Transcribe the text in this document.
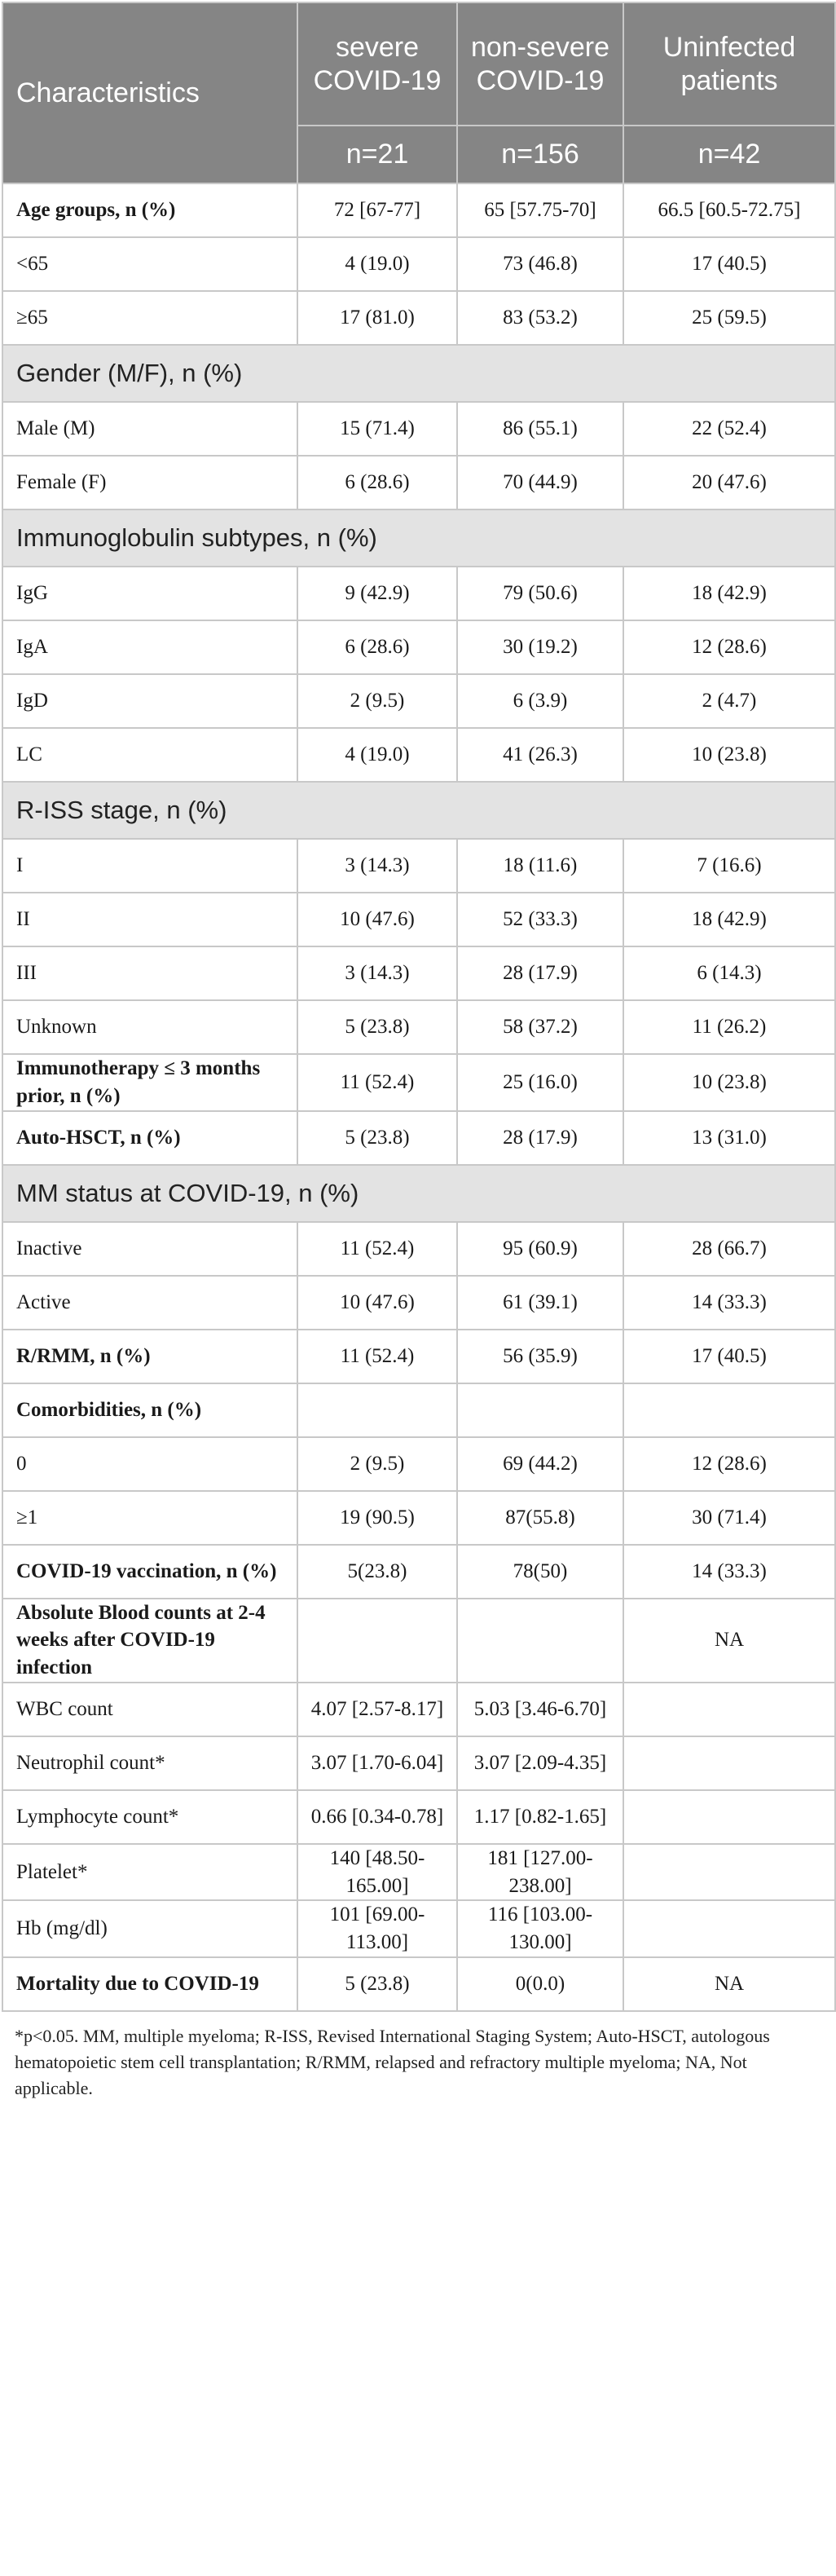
Characteristics	severe COVID-19	non-severe COVID-19	Uninfected patients
	n=21	n=156	n=42
Age groups, n (%)	72 [67-77]	65 [57.75-70]	66.5 [60.5-72.75]
<65	4 (19.0)	73 (46.8)	17 (40.5)
≥65	17 (81.0)	83 (53.2)	25 (59.5)
Gender (M/F), n (%)			
Male (M)	15 (71.4)	86 (55.1)	22 (52.4)
Female (F)	6 (28.6)	70 (44.9)	20 (47.6)
Immunoglobulin subtypes, n (%)			
IgG	9 (42.9)	79 (50.6)	18 (42.9)
IgA	6 (28.6)	30 (19.2)	12 (28.6)
IgD	2 (9.5)	6 (3.9)	2 (4.7)
LC	4 (19.0)	41 (26.3)	10 (23.8)
R-ISS stage, n (%)			
I	3 (14.3)	18 (11.6)	7 (16.6)
II	10 (47.6)	52 (33.3)	18 (42.9)
III	3 (14.3)	28 (17.9)	6 (14.3)
Unknown	5 (23.8)	58 (37.2)	11 (26.2)
Immunotherapy ≤ 3 months prior, n (%)	11 (52.4)	25 (16.0)	10 (23.8)
Auto-HSCT, n (%)	5 (23.8)	28 (17.9)	13 (31.0)
MM status at COVID-19, n (%)			
Inactive	11 (52.4)	95 (60.9)	28 (66.7)
Active	10 (47.6)	61 (39.1)	14 (33.3)
R/RMM, n (%)	11 (52.4)	56 (35.9)	17 (40.5)
Comorbidities, n (%)			
0	2 (9.5)	69 (44.2)	12 (28.6)
≥1	19 (90.5)	87(55.8)	30 (71.4)
COVID-19 vaccination, n (%)	5(23.8)	78(50)	14 (33.3)
Absolute Blood counts at 2-4 weeks after COVID-19 infection			NA
WBC count	4.07 [2.57-8.17]	5.03 [3.46-6.70]	
Neutrophil count*	3.07 [1.70-6.04]	3.07 [2.09-4.35]	
Lymphocyte count*	0.66 [0.34-0.78]	1.17 [0.82-1.65]	
Platelet*	140 [48.50-165.00]	181 [127.00-238.00]	
Hb (mg/dl)	101 [69.00-113.00]	116 [103.00-130.00]	
Mortality due to COVID-19	5 (23.8)	0(0.0)	NA
*p<0.05. MM, multiple myeloma; R-ISS, Revised International Staging System; Auto-HSCT, autologous hematopoietic stem cell transplantation; R/RMM, relapsed and refractory multiple myeloma; NA, Not applicable.
